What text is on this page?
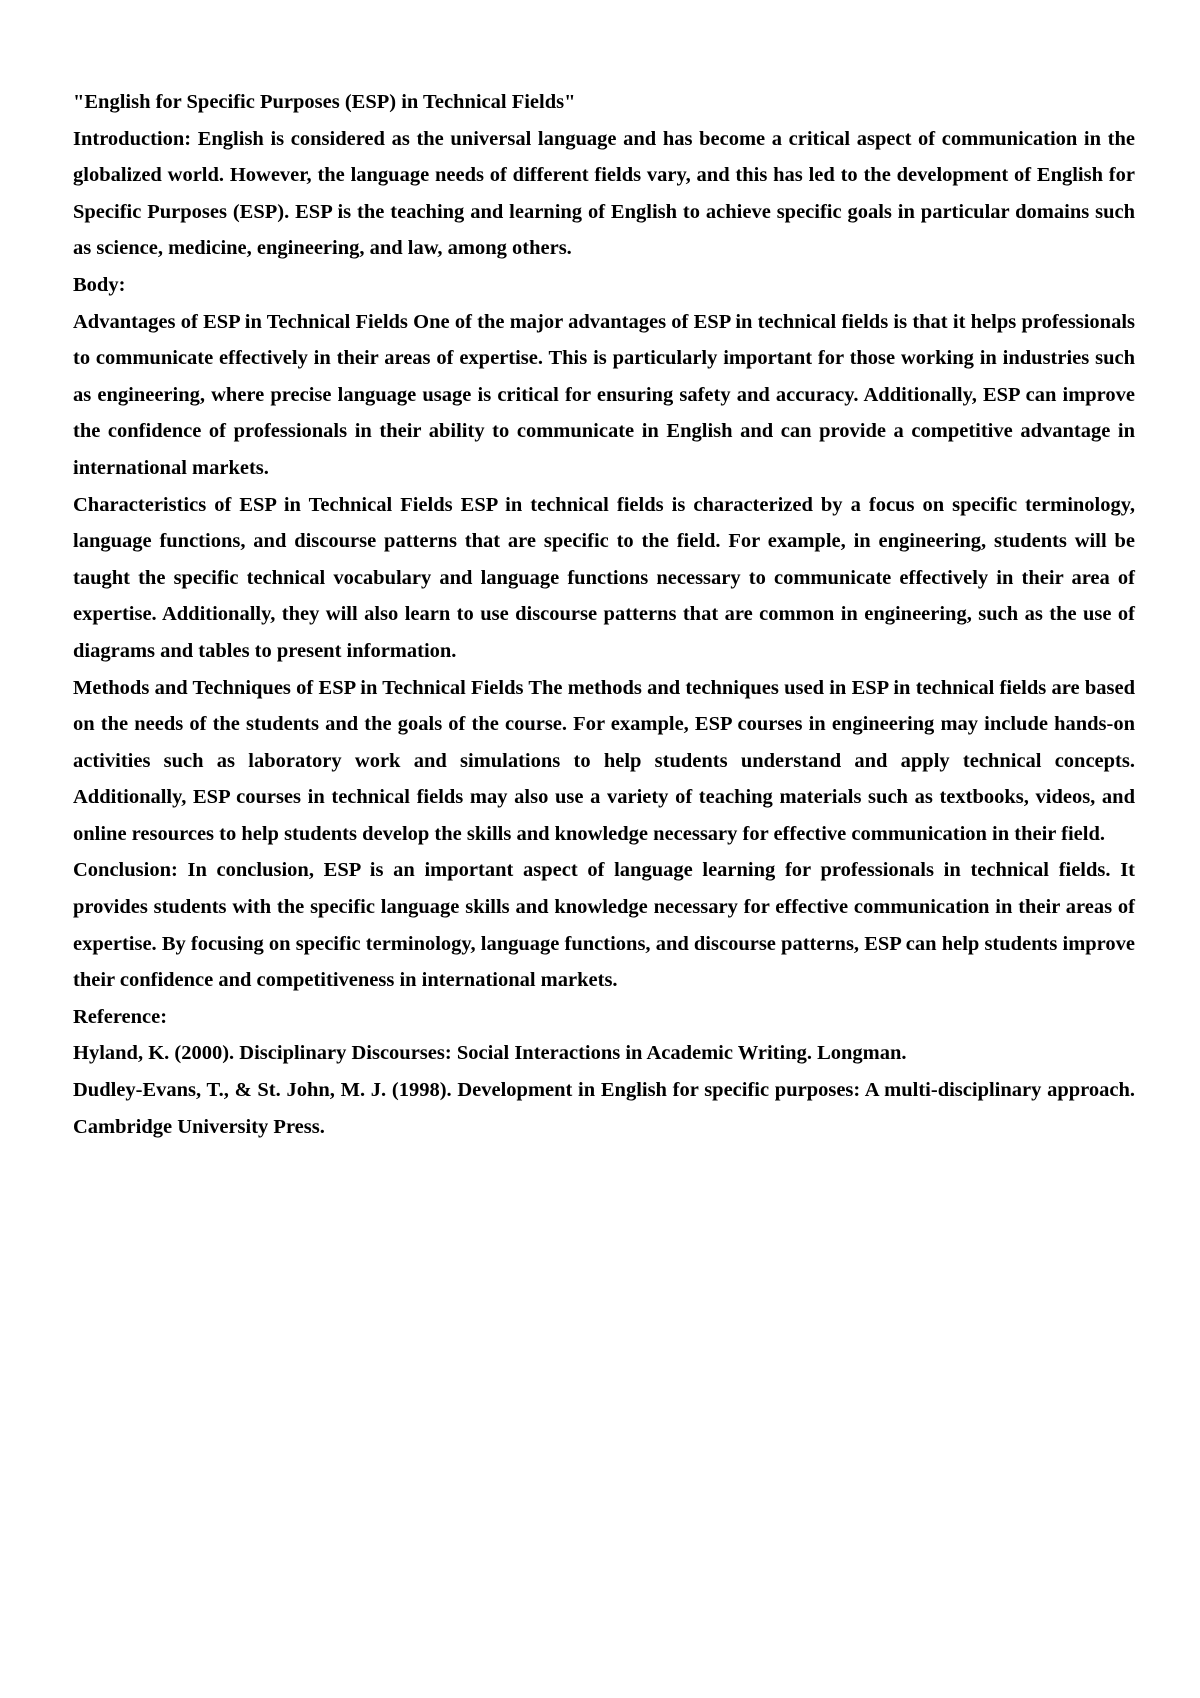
"English for Specific Purposes (ESP) in Technical Fields"

Introduction: English is considered as the universal language and has become a critical aspect of communication in the globalized world. However, the language needs of different fields vary, and this has led to the development of English for Specific Purposes (ESP). ESP is the teaching and learning of English to achieve specific goals in particular domains such as science, medicine, engineering, and law, among others.

Body:

Advantages of ESP in Technical Fields One of the major advantages of ESP in technical fields is that it helps professionals to communicate effectively in their areas of expertise. This is particularly important for those working in industries such as engineering, where precise language usage is critical for ensuring safety and accuracy. Additionally, ESP can improve the confidence of professionals in their ability to communicate in English and can provide a competitive advantage in international markets.

Characteristics of ESP in Technical Fields ESP in technical fields is characterized by a focus on specific terminology, language functions, and discourse patterns that are specific to the field. For example, in engineering, students will be taught the specific technical vocabulary and language functions necessary to communicate effectively in their area of expertise. Additionally, they will also learn to use discourse patterns that are common in engineering, such as the use of diagrams and tables to present information.

Methods and Techniques of ESP in Technical Fields The methods and techniques used in ESP in technical fields are based on the needs of the students and the goals of the course. For example, ESP courses in engineering may include hands-on activities such as laboratory work and simulations to help students understand and apply technical concepts. Additionally, ESP courses in technical fields may also use a variety of teaching materials such as textbooks, videos, and online resources to help students develop the skills and knowledge necessary for effective communication in their field.

Conclusion: In conclusion, ESP is an important aspect of language learning for professionals in technical fields. It provides students with the specific language skills and knowledge necessary for effective communication in their areas of expertise. By focusing on specific terminology, language functions, and discourse patterns, ESP can help students improve their confidence and competitiveness in international markets.

Reference:

Hyland, K. (2000). Disciplinary Discourses: Social Interactions in Academic Writing. Longman.

Dudley-Evans, T., & St. John, M. J. (1998). Development in English for specific purposes: A multi-disciplinary approach. Cambridge University Press.
